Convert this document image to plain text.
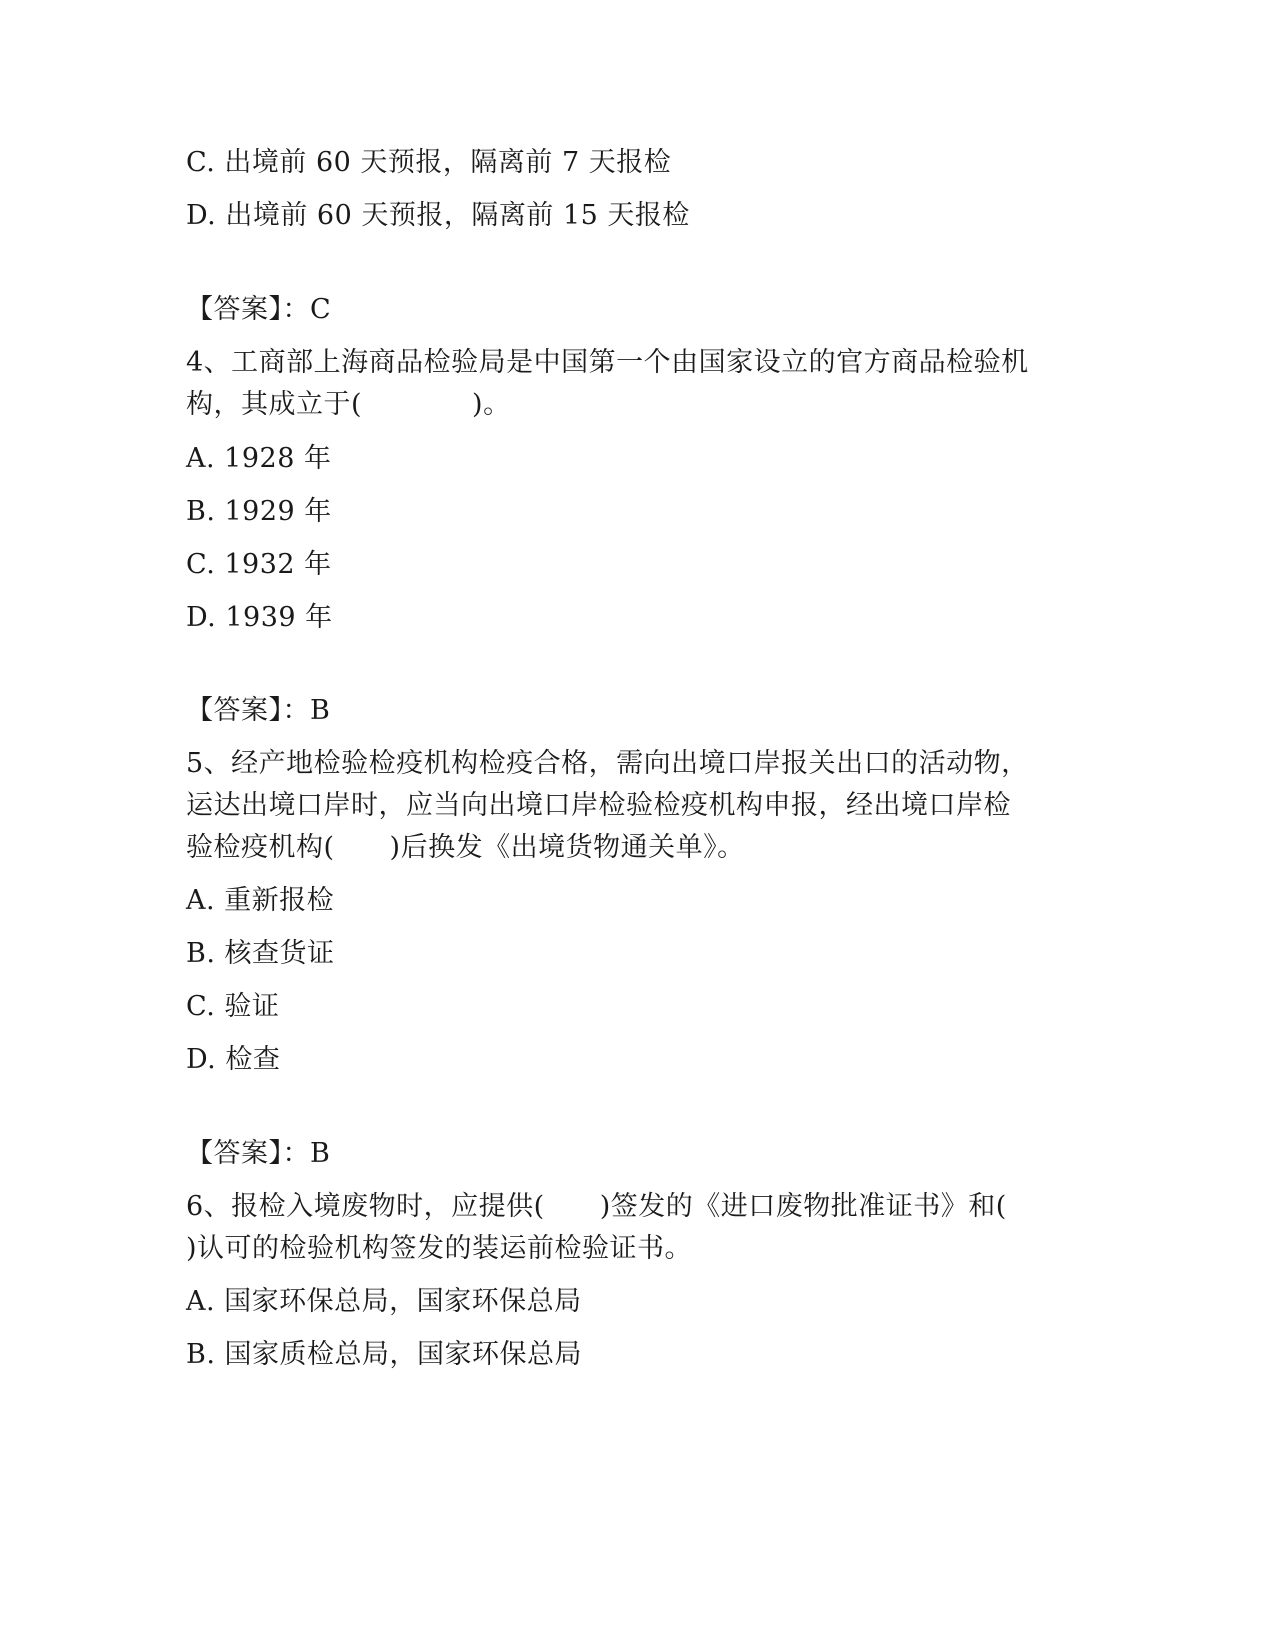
C. 出境前 60 天预报，隔离前 7 天报检
D. 出境前 60 天预报，隔离前 15 天报检
【答案】：C
4、工商部上海商品检验局是中国第一个由国家设立的官方商品检验机
构，其成立于(　　　　)。
A. 1928 年
B. 1929 年
C. 1932 年
D. 1939 年
【答案】：B
5、经产地检验检疫机构检疫合格，需向出境口岸报关出口的活动物，
运达出境口岸时，应当向出境口岸检验检疫机构申报，经出境口岸检
验检疫机构(　　)后换发《出境货物通关单》。
A. 重新报检
B. 核查货证
C. 验证
D. 检查
【答案】：B
6、报检入境废物时，应提供(　　)签发的《进口废物批准证书》和(
)认可的检验机构签发的装运前检验证书。
A. 国家环保总局，国家环保总局
B. 国家质检总局，国家环保总局
